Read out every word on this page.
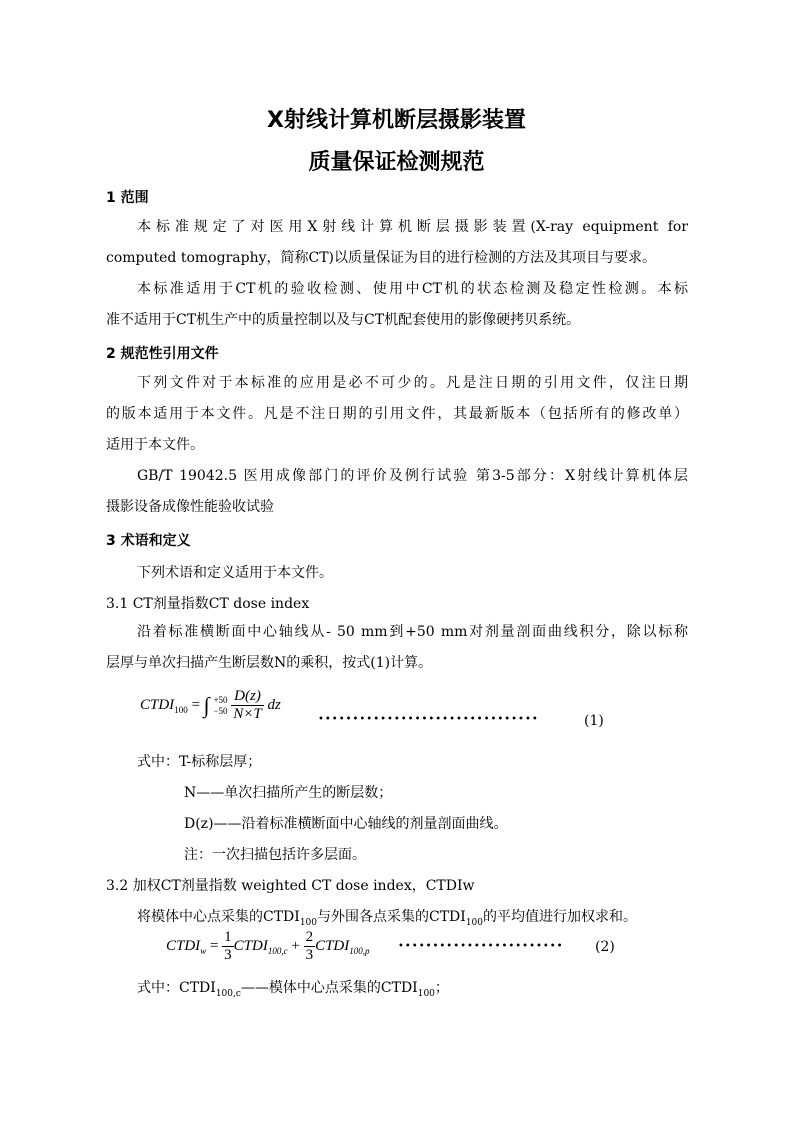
X射线计算机断层摄影装置
质量保证检测规范
1 范围
本标准规定了对医用X射线计算机断层摄影装置(X-ray equipment for
computed tomography，简称CT)以质量保证为目的进行检测的方法及其项目与要求。
本标准适用于CT机的验收检测、使用中CT机的状态检测及稳定性检测。本标
准不适用于CT机生产中的质量控制以及与CT机配套使用的影像硬拷贝系统。
2 规范性引用文件
下列文件对于本标准的应用是必不可少的。凡是注日期的引用文件，仅注日期
的版本适用于本文件。凡是不注日期的引用文件，其最新版本（包括所有的修改单）
适用于本文件。
GB/T 19042.5 医用成像部门的评价及例行试验 第3-5部分：X射线计算机体层
摄影设备成像性能验收试验
3 术语和定义
下列术语和定义适用于本文件。
3.1 CT剂量指数CT dose index
沿着标准横断面中心轴线从- 50 mm到+50 mm对剂量剖面曲线积分，除以标称
层厚与单次扫描产生断层数N的乘积，按式(1)计算。
$CTDI_{100}$ = ∫ +50
−50
$\frac{D(z)}{N\times T}$ dz
••••••••••••••••••••••••••••••••	(1)
式中：T-标称层厚；
N——单次扫描所产生的断层数；
D(z)——沿着标准横断面中心轴线的剂量剖面曲线。
注：一次扫描包括许多层面。
3.2 加权CT剂量指数 weighted CT dose index，CTDIw
将模体中心点采集的$CTDI_{100}$与外围各点采集的$CTDI_{100}$的平均值进行加权求和。
$CTDI_w = \frac{1}{3}$ $CTDI_{100,c} + \frac{2}{3}$ $CTDI_{100,p}$	•••••••••••••••••••••••• (2)
式中：$CTDI_{100,c}——$模体中心点采集的$CTDI_{100}$；
